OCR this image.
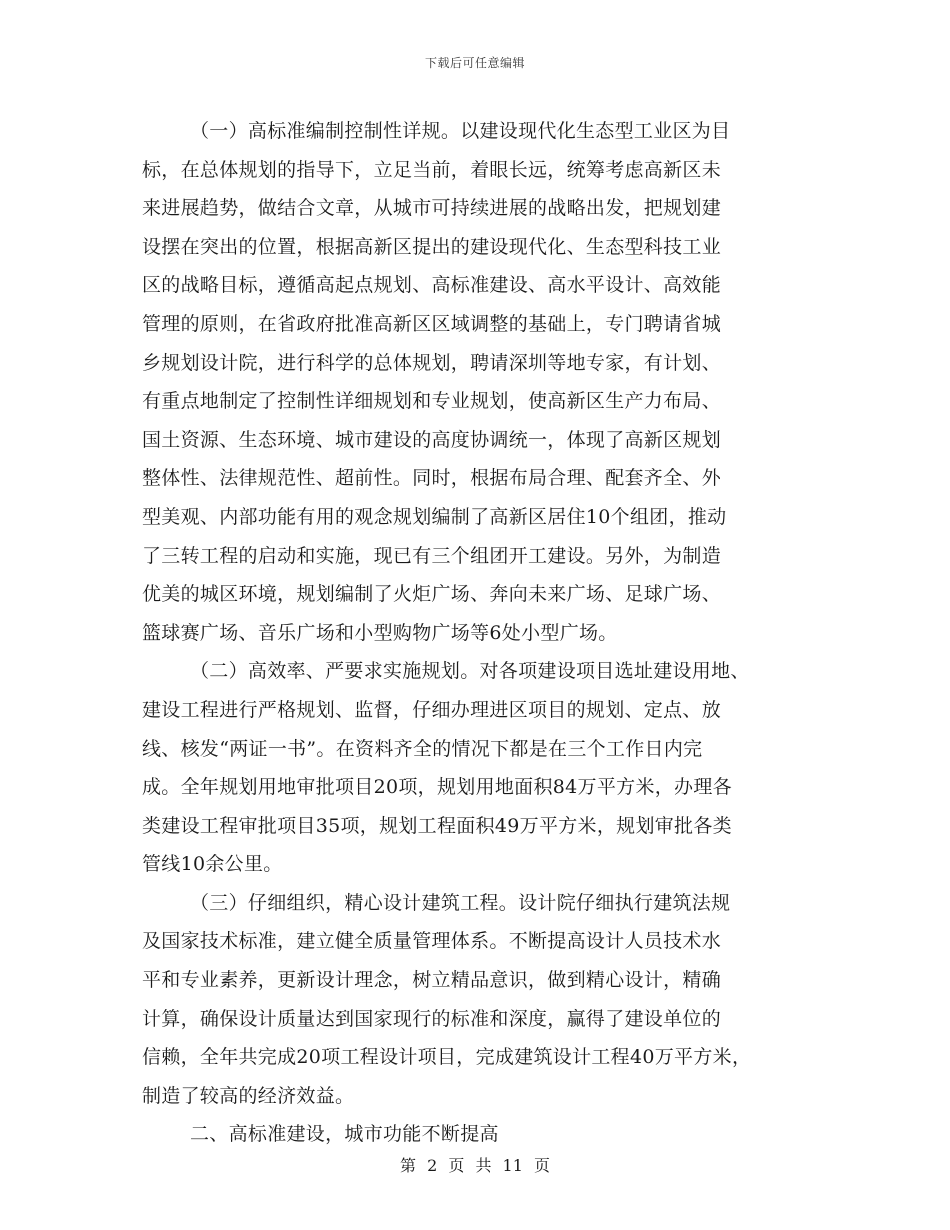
下载后可任意编辑
（一）高标准编制控制性详规。以建设现代化生态型工业区为目
标，在总体规划的指导下，立足当前，着眼长远，统筹考虑高新区未
来进展趋势，做结合文章，从城市可持续进展的战略出发，把规划建
设摆在突出的位置，根据高新区提出的建设现代化、生态型科技工业
区的战略目标，遵循高起点规划、高标准建设、高水平设计、高效能
管理的原则，在省政府批准高新区区域调整的基础上，专门聘请省城
乡规划设计院，进行科学的总体规划，聘请深圳等地专家，有计划、
有重点地制定了控制性详细规划和专业规划，使高新区生产力布局、
国土资源、生态环境、城市建设的高度协调统一，体现了高新区规划
整体性、法律规范性、超前性。同时，根据布局合理、配套齐全、外
型美观、内部功能有用的观念规划编制了高新区居住10个组团，推动
了三转工程的启动和实施，现已有三个组团开工建设。另外，为制造
优美的城区环境，规划编制了火炬广场、奔向未来广场、足球广场、
篮球赛广场、音乐广场和小型购物广场等6处小型广场。
（二）高效率、严要求实施规划。对各项建设项目选址建设用地、
建设工程进行严格规划、监督，仔细办理进区项目的规划、定点、放
线、核发“两证一书”。在资料齐全的情况下都是在三个工作日内完
成。全年规划用地审批项目20项，规划用地面积84万平方米，办理各
类建设工程审批项目35项，规划工程面积49万平方米，规划审批各类
管线10余公里。
（三）仔细组织，精心设计建筑工程。设计院仔细执行建筑法规
及国家技术标准，建立健全质量管理体系。不断提高设计人员技术水
平和专业素养，更新设计理念，树立精品意识，做到精心设计，精确
计算，确保设计质量达到国家现行的标准和深度，赢得了建设单位的
信赖，全年共完成20项工程设计项目，完成建筑设计工程40万平方米，
制造了较高的经济效益。
二、高标准建设，城市功能不断提高
第 2 页 共 11 页
